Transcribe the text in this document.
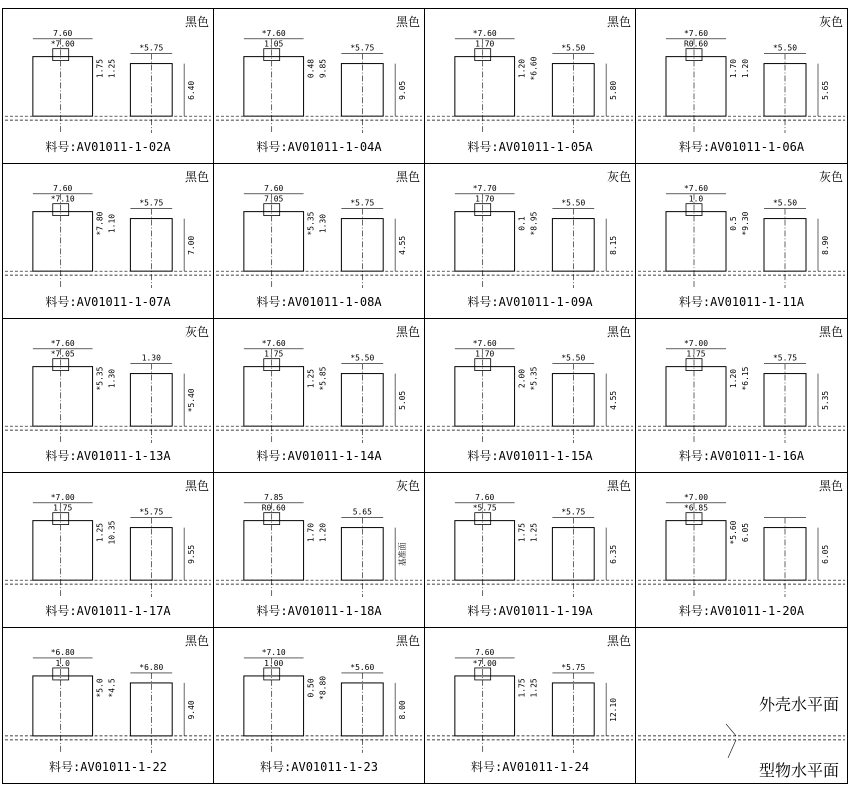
黑色
7.60
*7.00
1.75 1.25
*5.75
6.40
料号:AV01011-1-02A
黑色
*7.60
1.05
0.48 9.85
*5.75
9.05
料号:AV01011-1-04A
黑色
*7.60
1.70
1.20 *6.60
*5.50
5.80
料号:AV01011-1-05A
灰色
*7.60
R0.60
1.70 1.20
*5.50
5.65
料号:AV01011-1-06A
黑色
7.60
*7.10
*7.80 1.10
*5.75
7.00
料号:AV01011-1-07A
黑色
7.60
7.05
*5.35 1.30
*5.75
4.55
料号:AV01011-1-08A
灰色
*7.70
1.70
0.1 *8.95
*5.50
8.15
料号:AV01011-1-09A
灰色
*7.60
1.0
0.5 *9.30
*5.50
8.90
料号:AV01011-1-11A
灰色
*7.60
*7.05
*5.35 1.30
1.30
*5.40
料号:AV01011-1-13A
黑色
*7.60
1.75
1.25 *5.85
*5.50
5.05
料号:AV01011-1-14A
黑色
*7.60
1.70
2.00 *5.35
*5.50
4.55
料号:AV01011-1-15A
黑色
*7.00
1.75
1.20 *6.15
*5.75
5.35
料号:AV01011-1-16A
黑色
*7.00
1.75
1.25 10.35
*5.75
9.55
料号:AV01011-1-17A
灰色
7.85
R0.60
1.70 1.20
5.65
基准面
料号:AV01011-1-18A
黑色
7.60
*5.75
1.75 1.25
*5.75
6.35
料号:AV01011-1-19A
黑色
*7.00
*6.85
*5.60 6.05
6.05
料号:AV01011-1-20A
黑色
*6.80
1.0
*5.0 *4.5
*6.80
9.40
料号:AV01011-1-22
黑色
*7.10
1.00
0.50 *8.80
*5.60
8.00
料号:AV01011-1-23
黑色
7.60
*7.00
1.75 1.25
*5.75
12.10
料号:AV01011-1-24
外壳水平面
型物水平面
